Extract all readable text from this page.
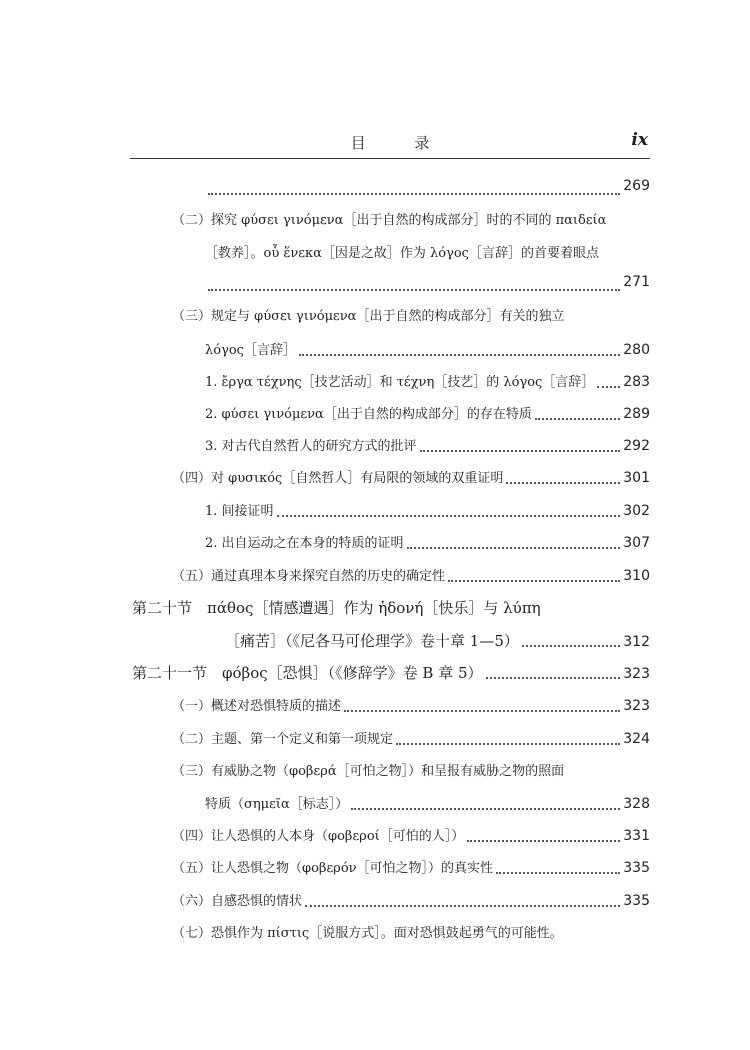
目 录	ix
269
（二）探究 φύσει γινόμενα［出于自然的构成部分］时的不同的 παιδεία
［教养］。οὗ ἕνεκα［因是之故］作为 λόγος［言辞］的首要着眼点
271
（三）规定与 φύσει γινόμενα［出于自然的构成部分］有关的独立
λόγος［言辞］	280
1. ἔργα τέχνης［技艺活动］和 τέχνη［技艺］的 λόγος［言辞］ 283
2. φύσει γινόμενα［出于自然的构成部分］的存在特质	289
3. 对古代自然哲人的研究方式的批评	292
（四）对 φυσικός［自然哲人］有局限的领域的双重证明	301
1. 间接证明	302
2. 出自运动之在本身的特质的证明	307
（五）通过真理本身来探究自然的历史的确定性	310
第二十节　πάθος［情感遭遇］作为 ἡδονή［快乐］与 λύπη
［痛苦］（《尼各马可伦理学》卷十章 1—5）	312
第二十一节　φόβος［恐惧］（《修辞学》卷 B 章 5）	323
（一）概述对恐惧特质的描述	323
（二）主题、第一个定义和第一项规定	324
（三）有威胁之物（φοβερά［可怕之物］）和呈报有威胁之物的照面
特质（σημεῖα［标志］）	328
（四）让人恐惧的人本身（φοβεροί［可怕的人］）	331
（五）让人恐惧之物（φοβερόν［可怕之物］）的真实性	335
（六）自感恐惧的情状	335
（七）恐惧作为 πίστις［说服方式］。面对恐惧鼓起勇气的可能性。
